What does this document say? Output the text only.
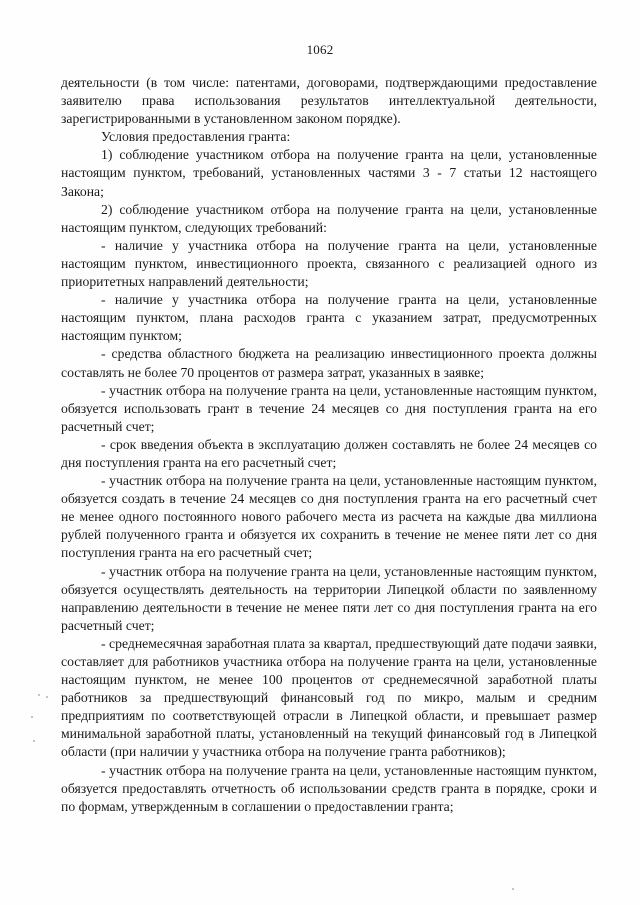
1062

деятельности (в том числе: патентами, договорами, подтверждающими предоставление заявителю права использования результатов интеллектуальной деятельности, зарегистрированными в установленном законом порядке).

Условия предоставления гранта:

1) соблюдение участником отбора на получение гранта на цели, установленные настоящим пунктом, требований, установленных частями 3 - 7 статьи 12 настоящего Закона;

2) соблюдение участником отбора на получение гранта на цели, установленные настоящим пунктом, следующих требований:

- наличие у участника отбора на получение гранта на цели, установленные настоящим пунктом, инвестиционного проекта, связанного с реализацией одного из приоритетных направлений деятельности;

- наличие у участника отбора на получение гранта на цели, установленные настоящим пунктом, плана расходов гранта с указанием затрат, предусмотренных настоящим пунктом;

- средства областного бюджета на реализацию инвестиционного проекта должны составлять не более 70 процентов от размера затрат, указанных в заявке;

- участник отбора на получение гранта на цели, установленные настоящим пунктом, обязуется использовать грант в течение 24 месяцев со дня поступления гранта на его расчетный счет;

- срок введения объекта в эксплуатацию должен составлять не более 24 месяцев со дня поступления гранта на его расчетный счет;

- участник отбора на получение гранта на цели, установленные настоящим пунктом, обязуется создать в течение 24 месяцев со дня поступления гранта на его расчетный счет не менее одного постоянного нового рабочего места из расчета на каждые два миллиона рублей полученного гранта и обязуется их сохранить в течение не менее пяти лет со дня поступления гранта на его расчетный счет;

- участник отбора на получение гранта на цели, установленные настоящим пунктом, обязуется осуществлять деятельность на территории Липецкой области по заявленному направлению деятельности в течение не менее пяти лет со дня поступления гранта на его расчетный счет;

- среднемесячная заработная плата за квартал, предшествующий дате подачи заявки, составляет для работников участника отбора на получение гранта на цели, установленные настоящим пунктом, не менее 100 процентов от среднемесячной заработной платы работников за предшествующий финансовый год по микро, малым и средним предприятиям по соответствующей отрасли в Липецкой области, и превышает размер минимальной заработной платы, установленный на текущий финансовый год в Липецкой области (при наличии у участника отбора на получение гранта работников);

- участник отбора на получение гранта на цели, установленные настоящим пунктом, обязуется предоставлять отчетность об использовании средств гранта в порядке, сроки и по формам, утвержденным в соглашении о предоставлении гранта;
